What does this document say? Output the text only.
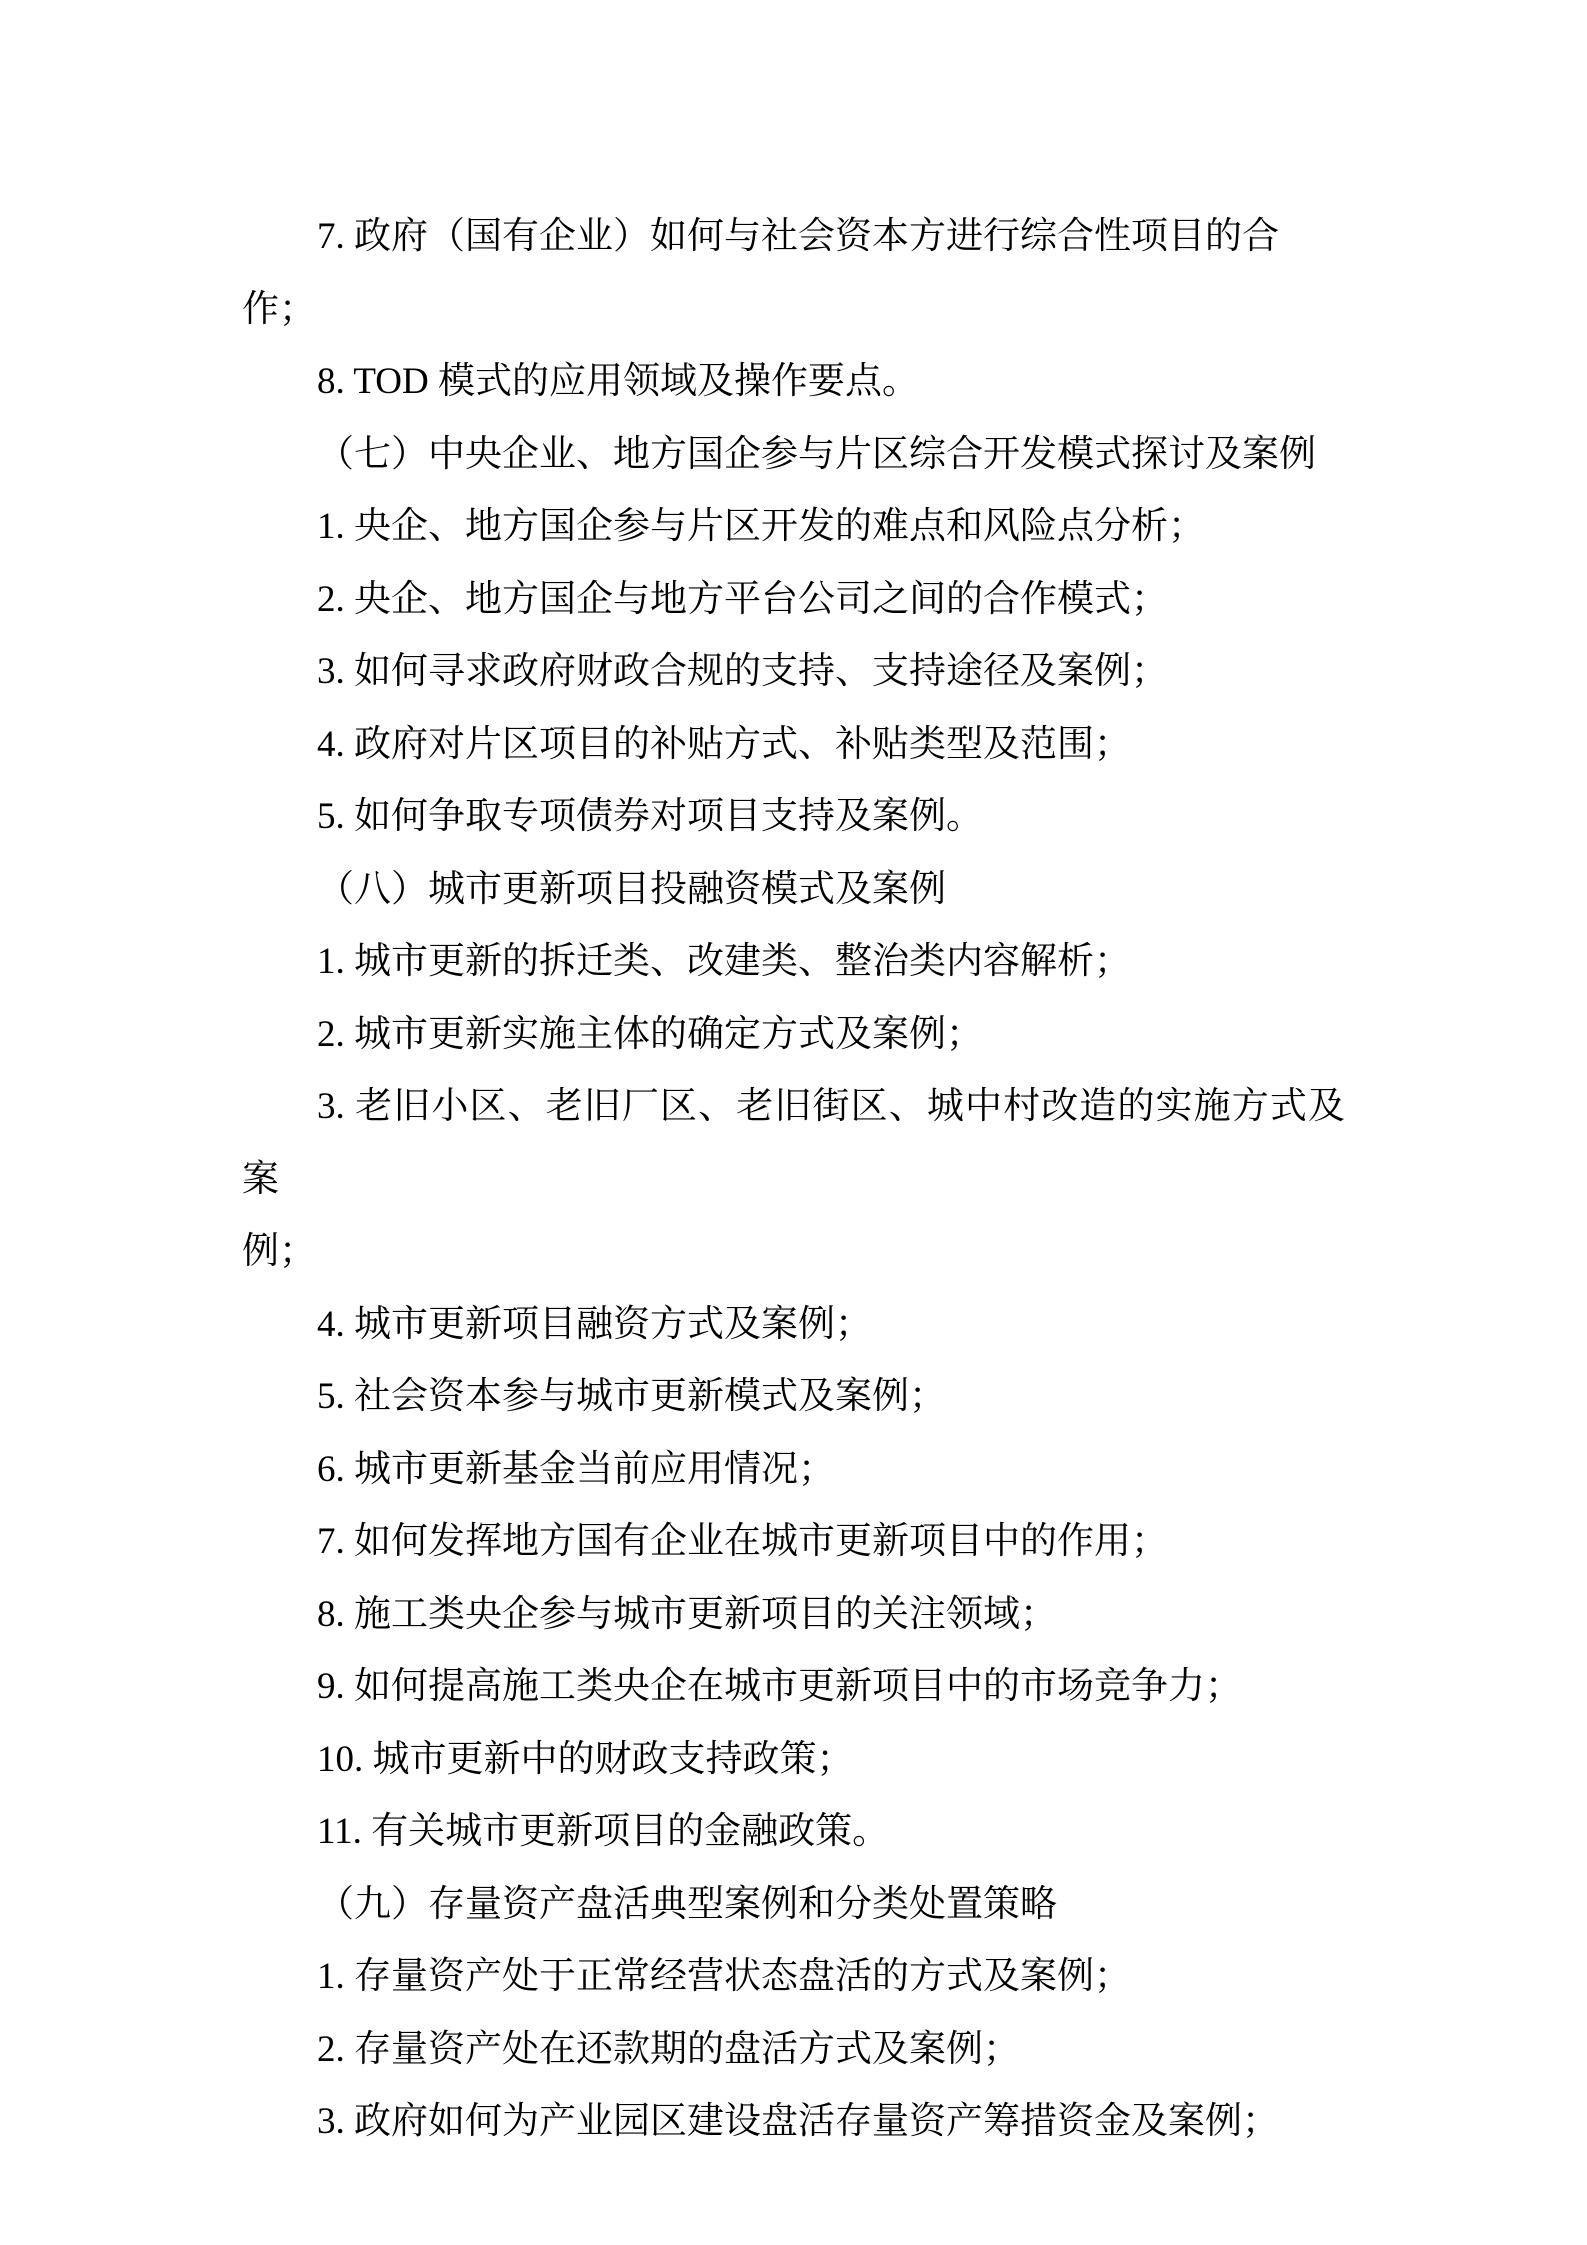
7. 政府（国有企业）如何与社会资本方进行综合性项目的合作；

8. TOD 模式的应用领域及操作要点。

（七）中央企业、地方国企参与片区综合开发模式探讨及案例

1. 央企、地方国企参与片区开发的难点和风险点分析；

2. 央企、地方国企与地方平台公司之间的合作模式；

3. 如何寻求政府财政合规的支持、支持途径及案例；

4. 政府对片区项目的补贴方式、补贴类型及范围；

5. 如何争取专项债券对项目支持及案例。

（八）城市更新项目投融资模式及案例

1. 城市更新的拆迁类、改建类、整治类内容解析；

2. 城市更新实施主体的确定方式及案例；

3. 老旧小区、老旧厂区、老旧街区、城中村改造的实施方式及案

例；

4. 城市更新项目融资方式及案例；

5. 社会资本参与城市更新模式及案例；

6. 城市更新基金当前应用情况；

7. 如何发挥地方国有企业在城市更新项目中的作用；

8. 施工类央企参与城市更新项目的关注领域；

9. 如何提高施工类央企在城市更新项目中的市场竞争力；

10. 城市更新中的财政支持政策；

11. 有关城市更新项目的金融政策。

（九）存量资产盘活典型案例和分类处置策略

1. 存量资产处于正常经营状态盘活的方式及案例；

2. 存量资产处在还款期的盘活方式及案例；

3. 政府如何为产业园区建设盘活存量资产筹措资金及案例；
